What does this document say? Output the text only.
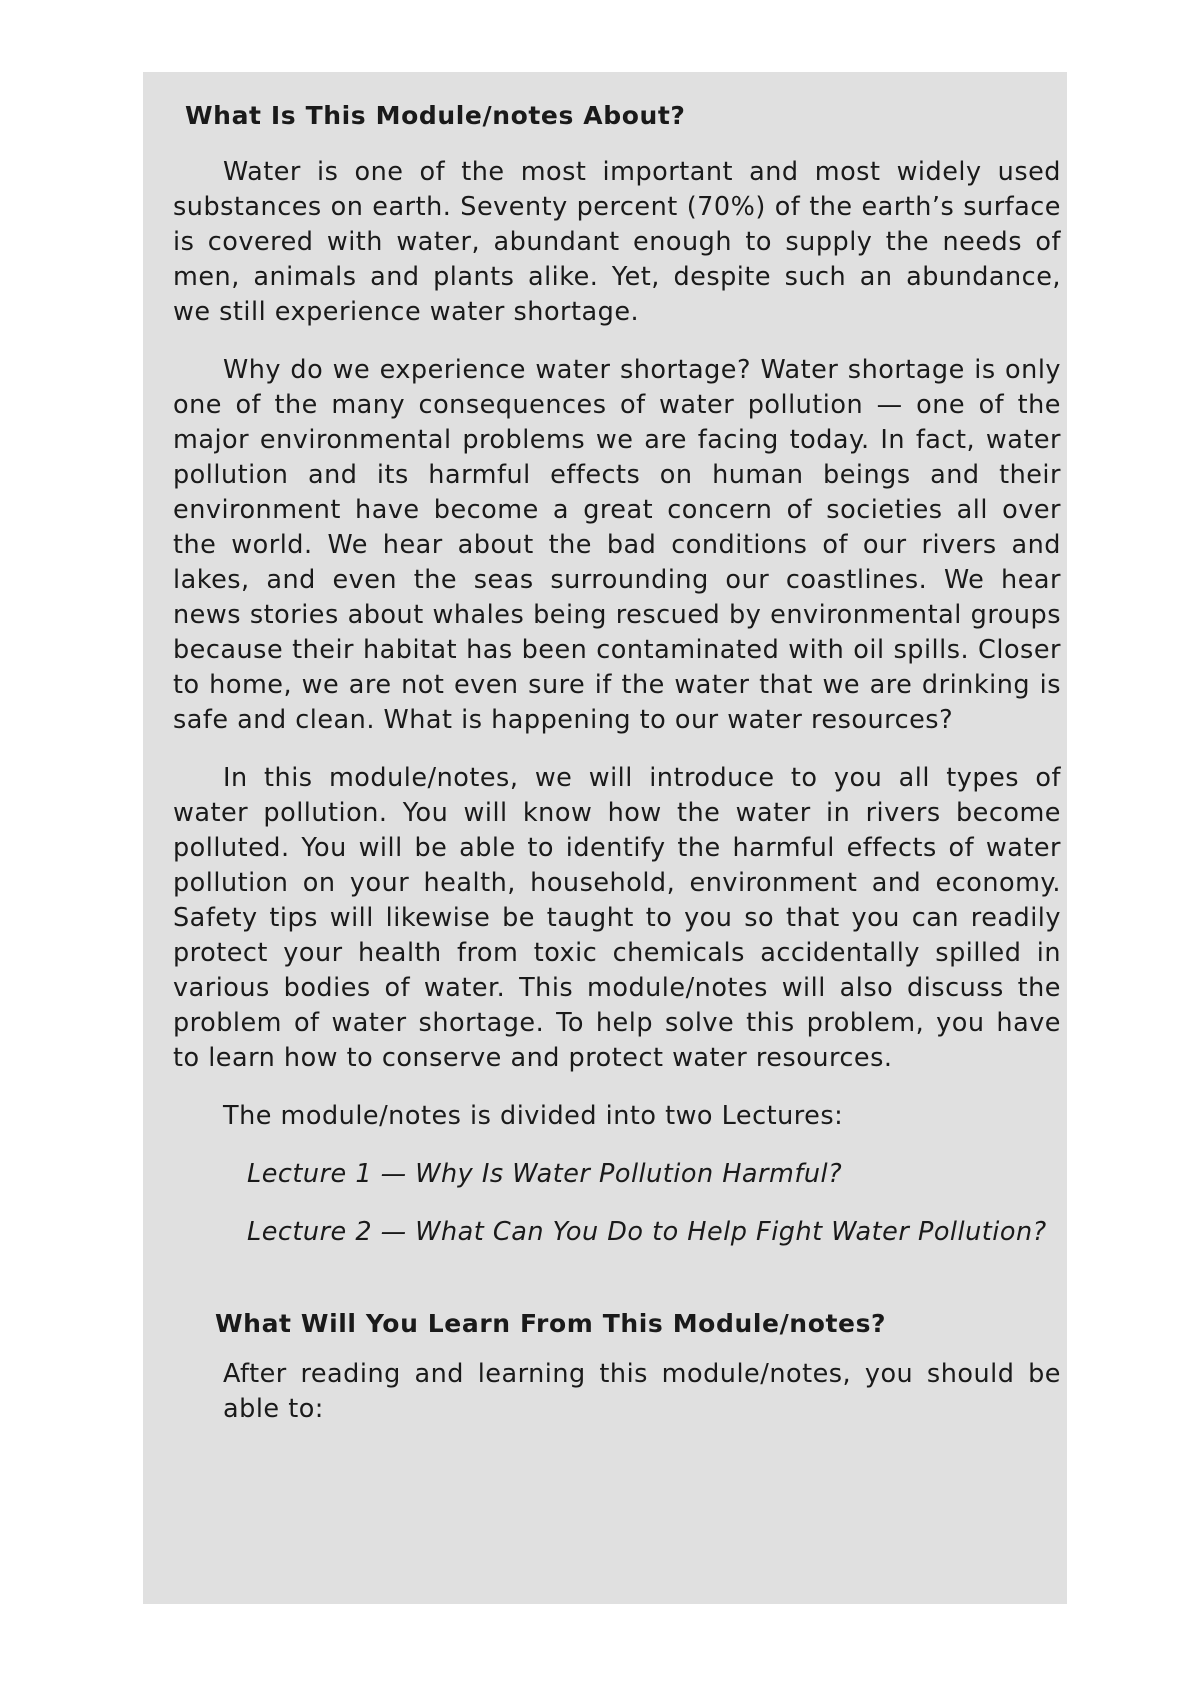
What Is This Module/notes About?

Water is one of the most important and most widely used substances on earth. Seventy percent (70%) of the earth’s surface is covered with water, abundant enough to supply the needs of men, animals and plants alike. Yet, despite such an abundance, we still experience water shortage.

Why do we experience water shortage? Water shortage is only one of the many consequences of water pollution — one of the major environmental problems we are facing today. In fact, water pollution and its harmful effects on human beings and their environment have become a great concern of societies all over the world. We hear about the bad conditions of our rivers and lakes, and even the seas surrounding our coastlines. We hear news stories about whales being rescued by environmental groups because their habitat has been contaminated with oil spills. Closer to home, we are not even sure if the water that we are drinking is safe and clean. What is happening to our water resources?

In this module/notes, we will introduce to you all types of water pollution. You will know how the water in rivers become polluted. You will be able to identify the harmful effects of water pollution on your health, household, environment and economy. Safety tips will likewise be taught to you so that you can readily protect your health from toxic chemicals accidentally spilled in various bodies of water. This module/notes will also discuss the problem of water shortage. To help solve this problem, you have to learn how to conserve and protect water resources.

The module/notes is divided into two Lectures:

Lecture 1 — Why Is Water Pollution Harmful?

Lecture 2 — What Can You Do to Help Fight Water Pollution?

What Will You Learn From This Module/notes?

After reading and learning this module/notes, you should be able to:
